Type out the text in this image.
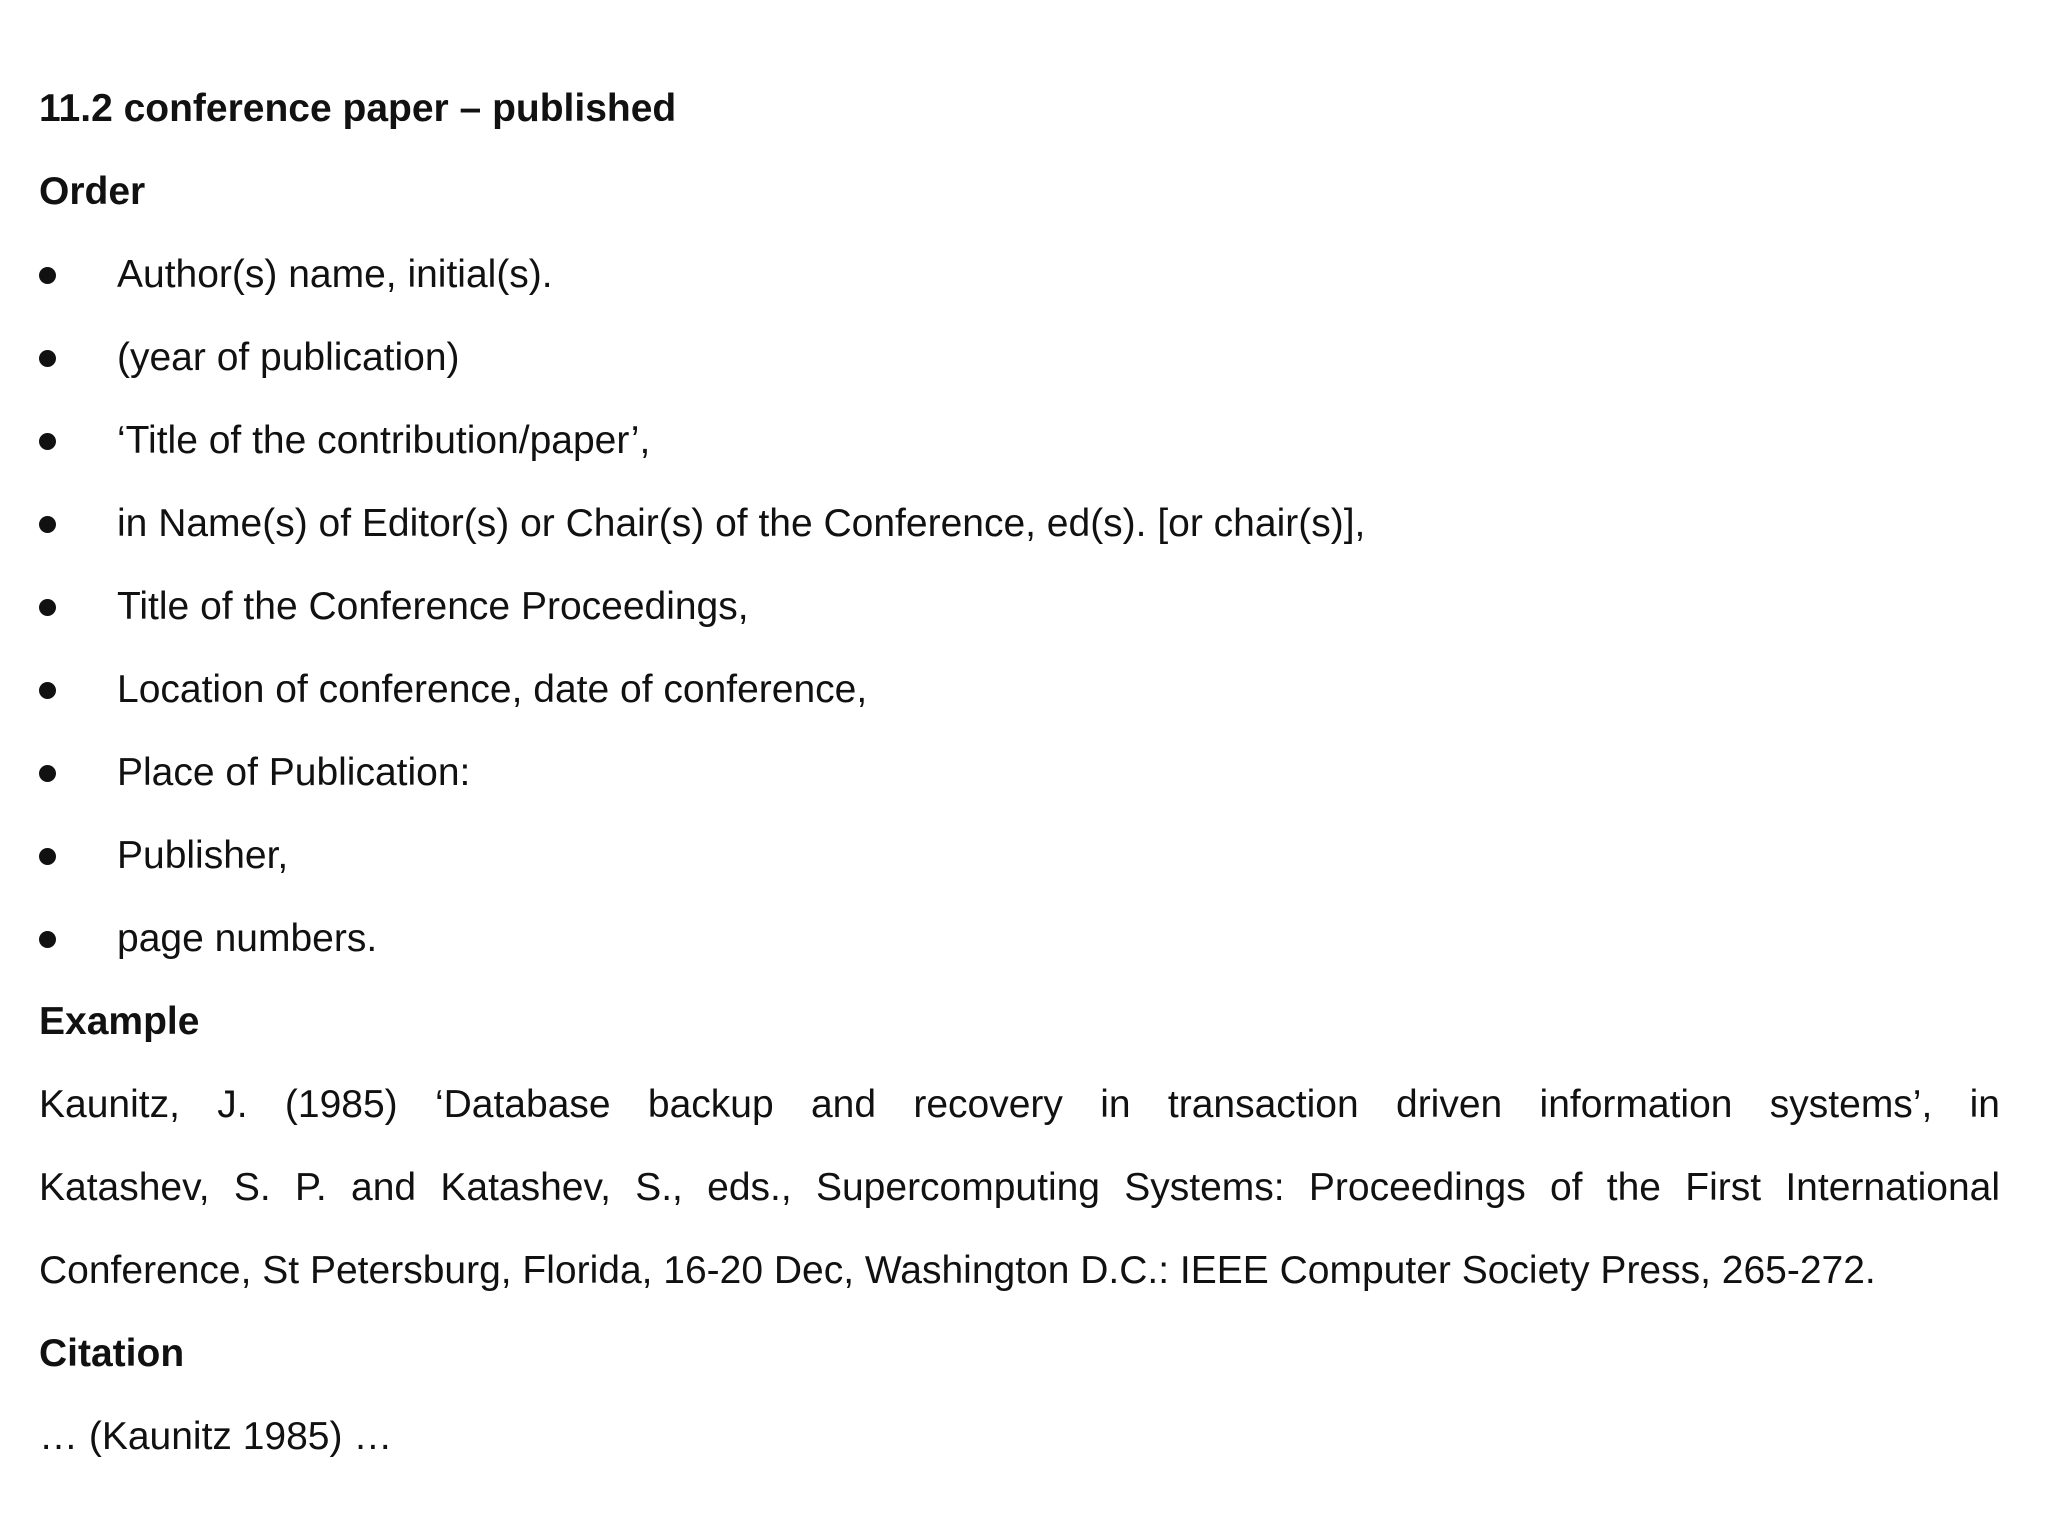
11.2 conference paper – published
Order
Author(s) name, initial(s).
(year of publication)
‘Title of the contribution/paper’,
in Name(s) of Editor(s) or Chair(s) of the Conference, ed(s). [or chair(s)],
Title of the Conference Proceedings,
Location of conference, date of conference,
Place of Publication:
Publisher,
page numbers.
Example
Kaunitz, J. (1985) ‘Database backup and recovery in transaction driven information systems’, in
Katashev, S. P. and Katashev, S., eds., Supercomputing Systems: Proceedings of the First International
Conference, St Petersburg, Florida, 16-20 Dec, Washington D.C.: IEEE Computer Society Press, 265-272.
Citation
… (Kaunitz 1985) …
